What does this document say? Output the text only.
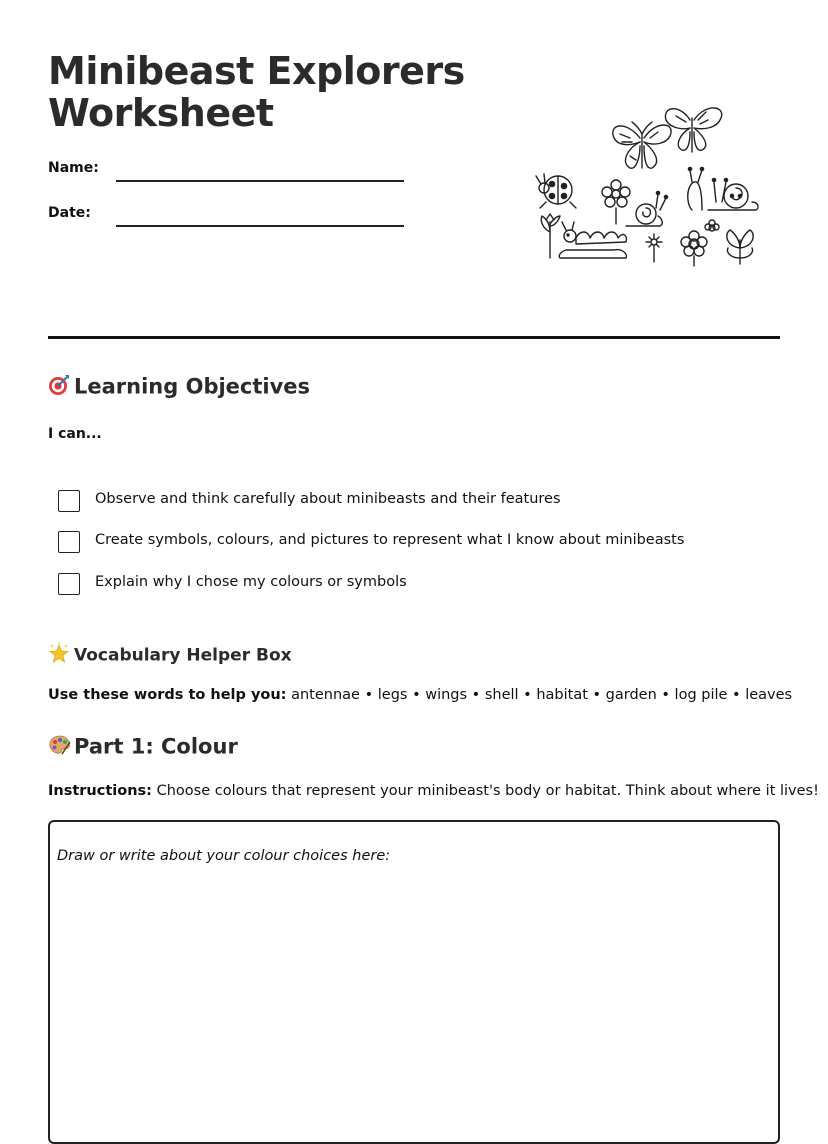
Minibeast Explorers
Worksheet
Name:
Date:
Learning Objectives
I can...
Observe and think carefully about minibeasts and their features
Create symbols, colours, and pictures to represent what I know about minibeasts
Explain why I chose my colours or symbols
Vocabulary Helper Box
Use these words to help you: antennae • legs • wings • shell • habitat • garden • log pile • leaves
Part 1: Colour
Instructions: Choose colours that represent your minibeast's body or habitat. Think about where it lives!
Draw or write about your colour choices here:
